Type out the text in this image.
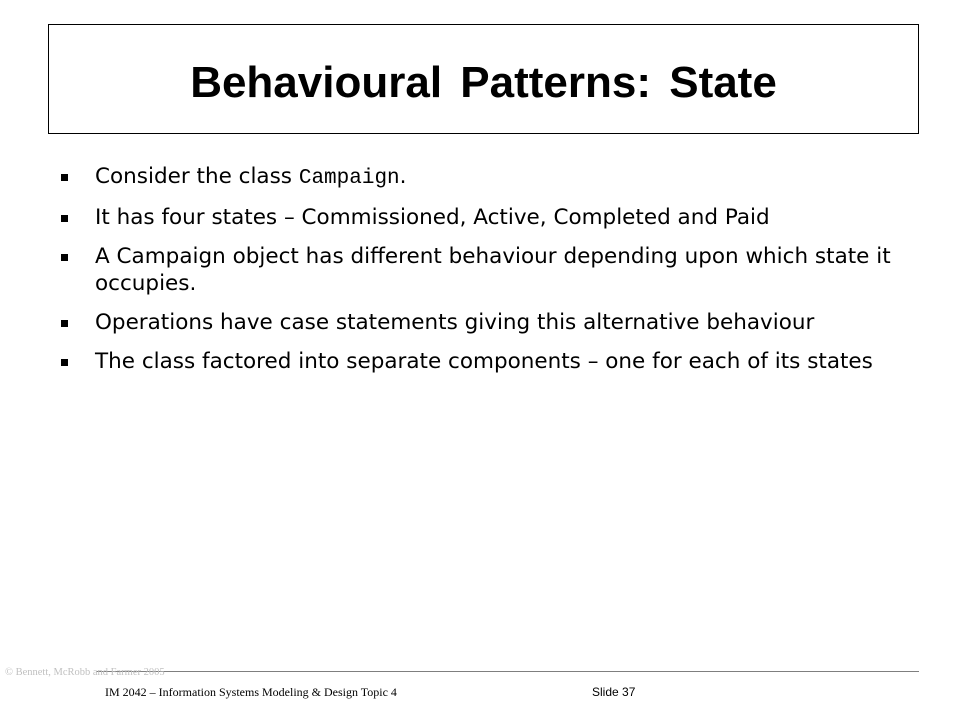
Behavioural Patterns: State
Consider the class Campaign.
It has four states – Commissioned, Active, Completed and Paid
A Campaign object has different behaviour depending upon which state it occupies.
Operations have case statements giving this alternative behaviour
The class factored into separate components – one for each of its states
© Bennett, McRobb and Farmer 2005
IM 2042 – Information Systems Modeling & Design Topic 4	Slide 37
